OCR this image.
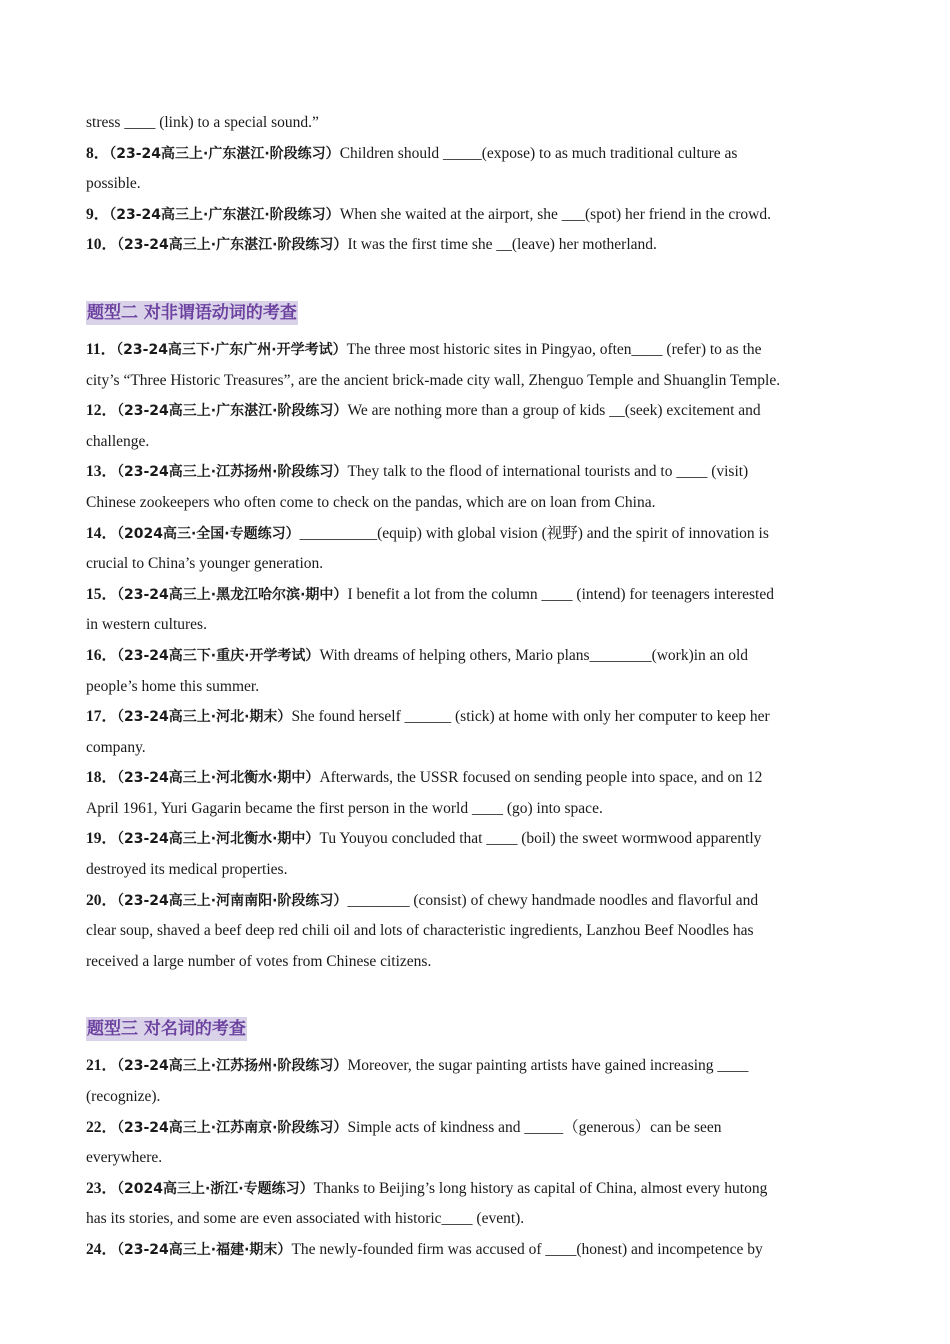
stress ____ (link) to a special sound.”
8．（23-24高三上·广东湛江·阶段练习）Children should _____(expose) to as much traditional culture as
possible.
9．（23-24高三上·广东湛江·阶段练习）When she waited at the airport, she ___(spot) her friend in the crowd.
10．（23-24高三上·广东湛江·阶段练习）It was the first time she __(leave) her motherland.
题型二 对非谓语动词的考查
11．（23-24高三下·广东广州·开学考试）The three most historic sites in Pingyao, often____ (refer) to as the
city’s “Three Historic Treasures”, are the ancient brick-made city wall, Zhenguo Temple and Shuanglin Temple.
12．（23-24高三上·广东湛江·阶段练习）We are nothing more than a group of kids __(seek) excitement and
challenge.
13．（23-24高三上·江苏扬州·阶段练习）They talk to the flood of international tourists and to ____ (visit)
Chinese zookeepers who often come to check on the pandas, which are on loan from China.
14．（2024高三·全国·专题练习）__________(equip) with global vision (视野) and the spirit of innovation is
crucial to China’s younger generation.
15．（23-24高三上·黑龙江哈尔滨·期中）I benefit a lot from the column ____ (intend) for teenagers interested
in western cultures.
16．（23-24高三下·重庆·开学考试）With dreams of helping others, Mario plans________(work)in an old
people’s home this summer.
17．（23-24高三上·河北·期末）She found herself ______ (stick) at home with only her computer to keep her
company.
18．（23-24高三上·河北衡水·期中）Afterwards, the USSR focused on sending people into space, and on 12
April 1961, Yuri Gagarin became the first person in the world ____ (go) into space.
19．（23-24高三上·河北衡水·期中）Tu Youyou concluded that ____ (boil) the sweet wormwood apparently
destroyed its medical properties.
20．（23-24高三上·河南南阳·阶段练习）________ (consist) of chewy handmade noodles and flavorful and
clear soup, shaved a beef deep red chili oil and lots of characteristic ingredients, Lanzhou Beef Noodles has
received a large number of votes from Chinese citizens.
题型三 对名词的考查
21．（23-24高三上·江苏扬州·阶段练习）Moreover, the sugar painting artists have gained increasing ____
(recognize).
22．（23-24高三上·江苏南京·阶段练习）Simple acts of kindness and _____（generous）can be seen
everywhere.
23．（2024高三上·浙江·专题练习）Thanks to Beijing’s long history as capital of China, almost every hutong
has its stories, and some are even associated with historic____ (event).
24．（23-24高三上·福建·期末）The newly-founded firm was accused of ____(honest) and incompetence by
